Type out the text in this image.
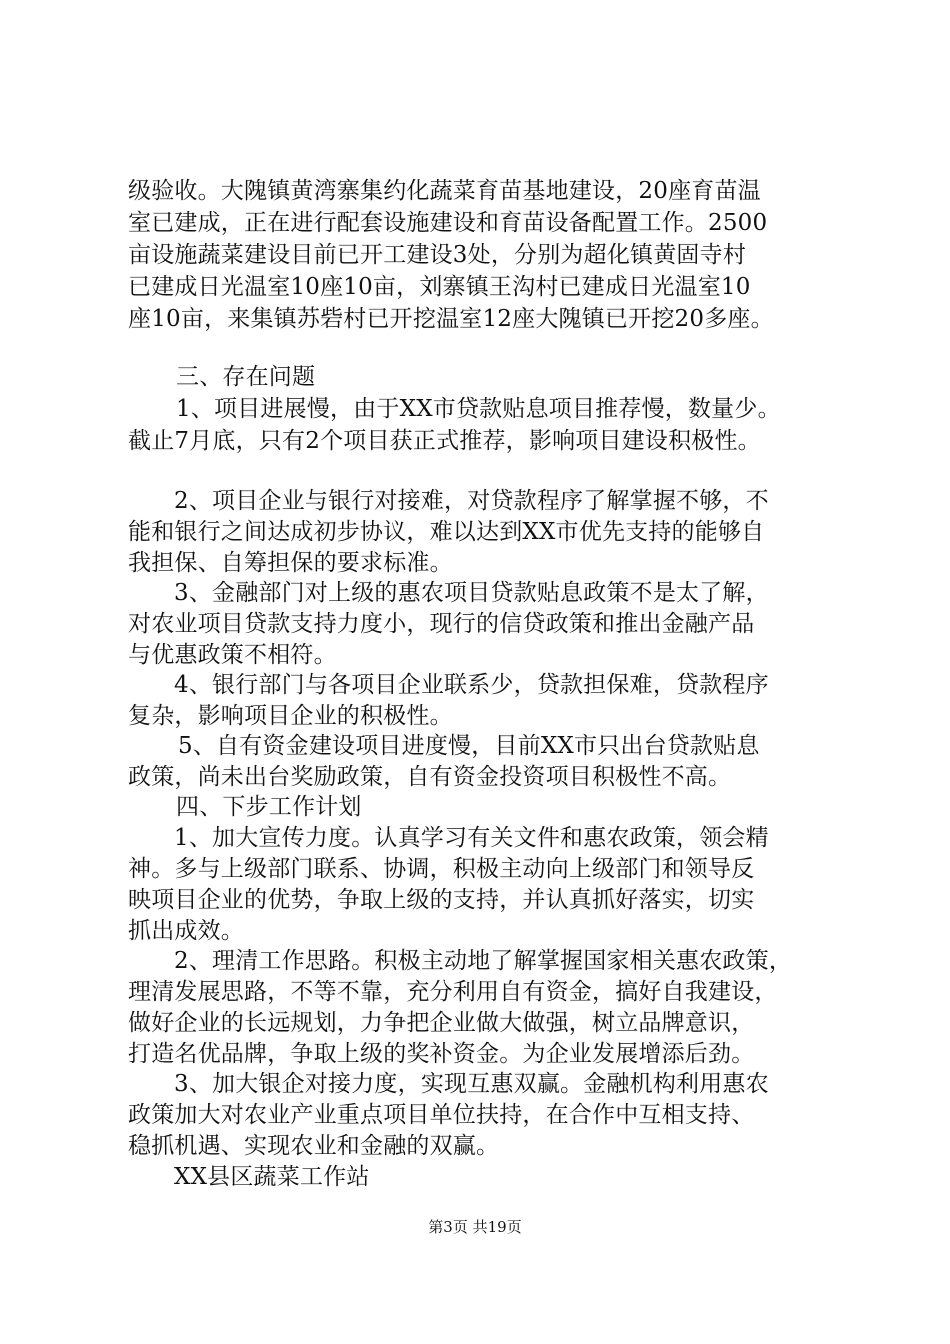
级验收。大隗镇黄湾寨集约化蔬菜育苗基地建设，20座育苗温
室已建成，正在进行配套设施建设和育苗设备配置工作。2500
亩设施蔬菜建设目前已开工建设3处，分别为超化镇黄固寺村
已建成日光温室10座10亩，刘寨镇王沟村已建成日光温室10
座10亩，来集镇苏砦村已开挖温室12座大隗镇已开挖20多座。
三、存在问题
1、项目进展慢，由于XX市贷款贴息项目推荐慢，数量少。
截止7月底，只有2个项目获正式推荐，影响项目建设积极性。
2、项目企业与银行对接难，对贷款程序了解掌握不够，不
能和银行之间达成初步协议，难以达到XX市优先支持的能够自
我担保、自筹担保的要求标准。
3、金融部门对上级的惠农项目贷款贴息政策不是太了解，
对农业项目贷款支持力度小，现行的信贷政策和推出金融产品
与优惠政策不相符。
4、银行部门与各项目企业联系少，贷款担保难，贷款程序
复杂，影响项目企业的积极性。
5、自有资金建设项目进度慢，目前XX市只出台贷款贴息
政策，尚未出台奖励政策，自有资金投资项目积极性不高。
四、下步工作计划
1、加大宣传力度。认真学习有关文件和惠农政策，领会精
神。多与上级部门联系、协调，积极主动向上级部门和领导反
映项目企业的优势，争取上级的支持，并认真抓好落实，切实
抓出成效。
2、理清工作思路。积极主动地了解掌握国家相关惠农政策，
理清发展思路，不等不靠，充分利用自有资金，搞好自我建设，
做好企业的长远规划，力争把企业做大做强，树立品牌意识，
打造名优品牌，争取上级的奖补资金。为企业发展增添后劲。
3、加大银企对接力度，实现互惠双赢。金融机构利用惠农
政策加大对农业产业重点项目单位扶持，在合作中互相支持、
稳抓机遇、实现农业和金融的双赢。
XX县区蔬菜工作站
第3页 共19页
